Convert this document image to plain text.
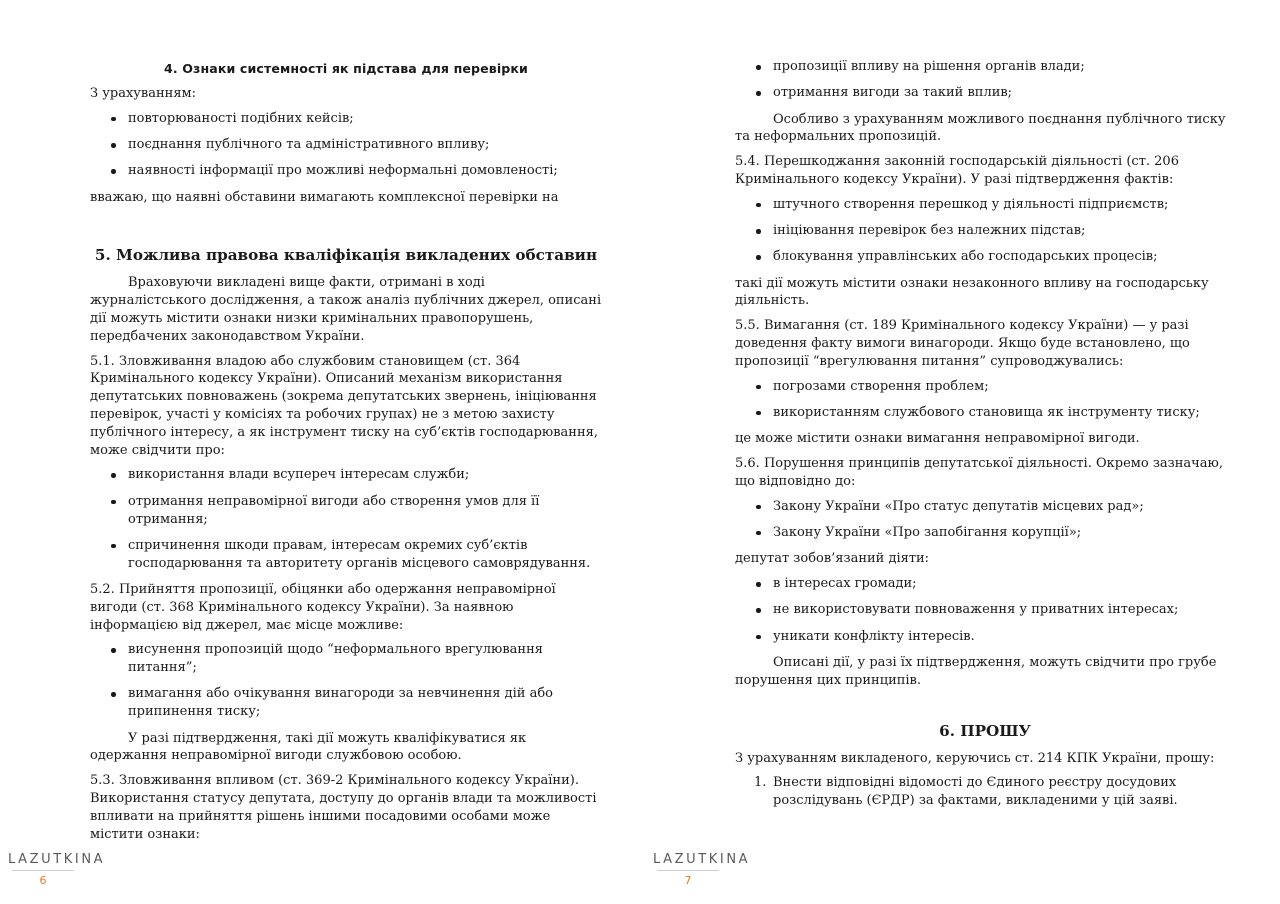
4. Ознаки системності як підстава для перевірки

З урахуванням:

повторюваності подібних кейсів;
поєднання публічного та адміністративного впливу;
наявності інформації про можливі неформальні домовленості;

вважаю, що наявні обставини вимагають комплексної перевірки на

5. Можлива правова кваліфікація викладених обставин

Враховуючи викладені вище факти, отримані в ході журналістського дослідження, а також аналіз публічних джерел, описані дії можуть містити ознаки низки кримінальних правопорушень, передбачених законодавством України.

5.1. Зловживання владою або службовим становищем (ст. 364 Кримінального кодексу України). Описаний механізм використання депутатських повноважень (зокрема депутатських звернень, ініціювання перевірок, участі у комісіях та робочих групах) не з метою захисту публічного інтересу, а як інструмент тиску на суб’єктів господарювання, може свідчити про:

використання влади всупереч інтересам служби;
отримання неправомірної вигоди або створення умов для її отримання;
спричинення шкоди правам, інтересам окремих суб’єктів господарювання та авторитету органів місцевого самоврядування.

5.2. Прийняття пропозиції, обіцянки або одержання неправомірної вигоди (ст. 368 Кримінального кодексу України). За наявною інформацією від джерел, має місце можливе:

висунення пропозицій щодо “неформального врегулювання питання”;
вимагання або очікування винагороди за невчинення дій або припинення тиску;

У разі підтвердження, такі дії можуть кваліфікуватися як одержання неправомірної вигоди службовою особою.

5.3. Зловживання впливом (ст. 369-2 Кримінального кодексу України). Використання статусу депутата, доступу до органів влади та можливості впливати на прийняття рішень іншими посадовими особами може містити ознаки:

LAZUTKINA
6
пропозиції впливу на рішення органів влади;
отримання вигоди за такий вплив;

Особливо з урахуванням можливого поєднання публічного тиску та неформальних пропозицій.

5.4. Перешкоджання законній господарській діяльності (ст. 206 Кримінального кодексу України). У разі підтвердження фактів:

штучного створення перешкод у діяльності підприємств;
ініціювання перевірок без належних підстав;
блокування управлінських або господарських процесів;

такі дії можуть містити ознаки незаконного впливу на господарську діяльність.

5.5. Вимагання (ст. 189 Кримінального кодексу України) — у разі доведення факту вимоги винагороди. Якщо буде встановлено, що пропозиції “врегулювання питання” супроводжувались:

погрозами створення проблем;
використанням службового становища як інструменту тиску;

це може містити ознаки вимагання неправомірної вигоди.

5.6. Порушення принципів депутатської діяльності. Окремо зазначаю, що відповідно до:

Закону України «Про статус депутатів місцевих рад»;
Закону України «Про запобігання корупції»;

депутат зобов’язаний діяти:

в інтересах громади;
не використовувати повноваження у приватних інтересах;
уникати конфлікту інтересів.

Описані дії, у разі їх підтвердження, можуть свідчити про грубе порушення цих принципів.

6. ПРОШУ

З урахуванням викладеного, керуючись ст. 214 КПК України, прошу:

1. Внести відповідні відомості до Єдиного реєстру досудових розслідувань (ЄРДР) за фактами, викладеними у цій заяві.
LAZUTKINA
7
